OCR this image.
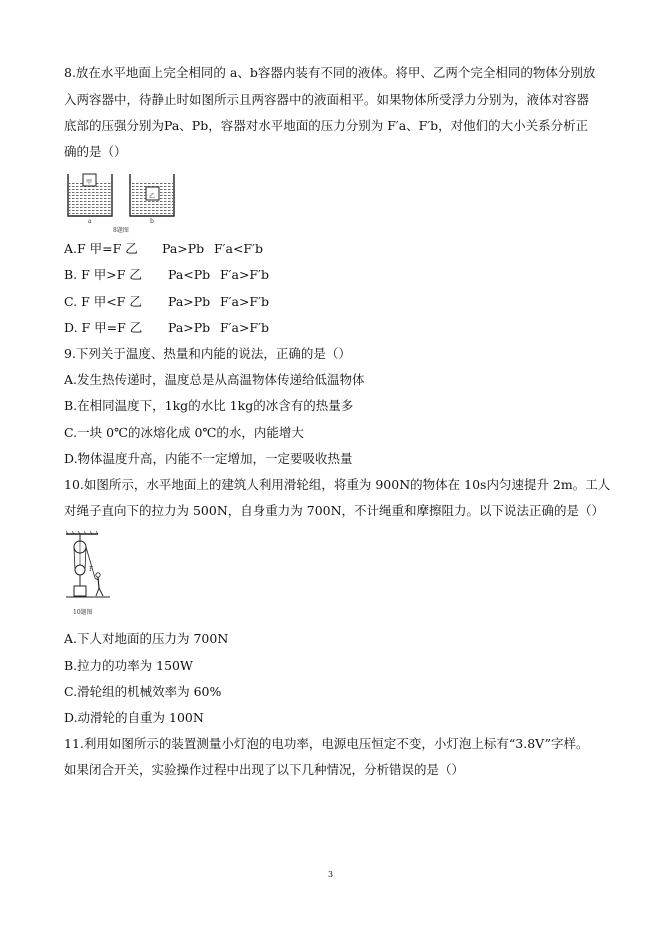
8.放在水平地面上完全相同的 a、b容器内装有不同的液体。将甲、乙两个完全相同的物体分别放
入两容器中，待静止时如图所示且两容器中的液面相平。如果物体所受浮力分别为，液体对容器
底部的压强分别为Pa、Pb，容器对水平地面的压力分别为 F′a、F′b，对他们的大小关系分析正
确的是（）
甲
乙
a	b
8题图
A.F 甲=F 乙 Pa>Pb F′a<F′b
B. F 甲>F 乙 Pa<Pb F′a>F′b
C. F 甲<F 乙 Pa>Pb F′a>F′b
D. F 甲=F 乙 Pa>Pb F′a>F′b
9.下列关于温度、热量和内能的说法，正确的是（）
A.发生热传递时，温度总是从高温物体传递给低温物体
B.在相同温度下，1kg的水比 1kg的冰含有的热量多
C.一块 0℃的冰熔化成 0℃的水，内能增大
D.物体温度升高，内能不一定增加，一定要吸收热量
10.如图所示，水平地面上的建筑人利用滑轮组，将重为 900N的物体在 10s内匀速提升 2m。工人
对绳子直向下的拉力为 500N，自身重力为 700N，不计绳重和摩擦阻力。以下说法正确的是（）
F
10题图
A.下人对地面的压力为 700N
B.拉力的功率为 150W
C.滑轮组的机械效率为 60%
D.动滑轮的自重为 100N
11.利用如图所示的装置测量小灯泡的电功率，电源电压恒定不变，小灯泡上标有“3.8V”字样。
如果闭合开关，实验操作过程中出现了以下几种情况，分析错误的是（）
3
